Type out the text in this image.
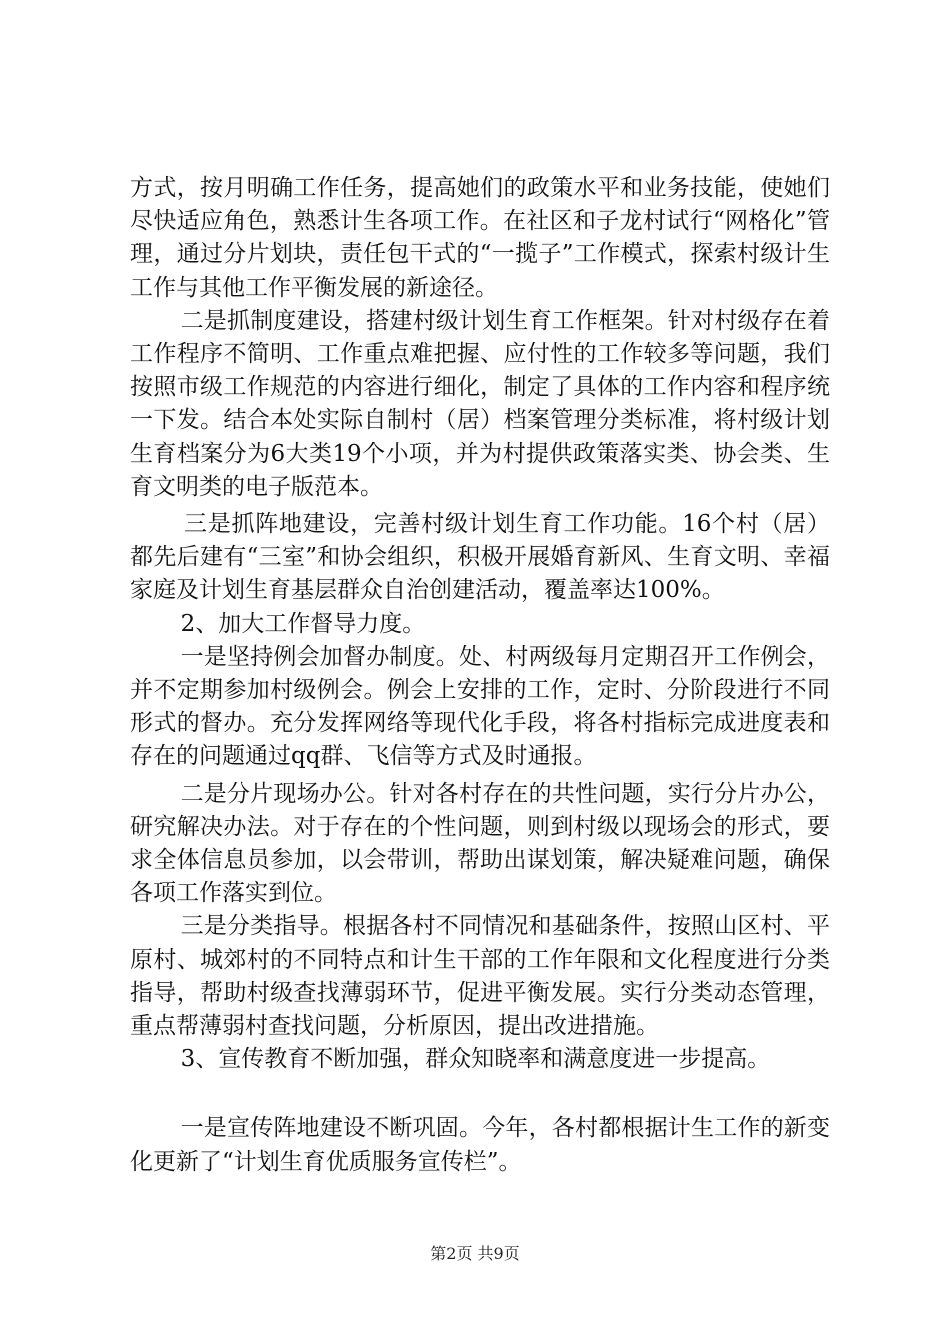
方式，按月明确工作任务，提高她们的政策水平和业务技能，使她们尽快适应角色，熟悉计生各项工作。在社区和子龙村试行“网格化”管理，通过分片划块，责任包干式的“一揽子”工作模式，探索村级计生工作与其他工作平衡发展的新途径。

二是抓制度建设，搭建村级计划生育工作框架。针对村级存在着工作程序不简明、工作重点难把握、应付性的工作较多等问题，我们按照市级工作规范的内容进行细化，制定了具体的工作内容和程序统一下发。结合本处实际自制村（居）档案管理分类标准，将村级计划生育档案分为6大类19个小项，并为村提供政策落实类、协会类、生育文明类的电子版范本。

三是抓阵地建设，完善村级计划生育工作功能。16个村（居）都先后建有“三室”和协会组织，积极开展婚育新风、生育文明、幸福家庭及计划生育基层群众自治创建活动，覆盖率达100%。

2、加大工作督导力度。

一是坚持例会加督办制度。处、村两级每月定期召开工作例会，并不定期参加村级例会。例会上安排的工作，定时、分阶段进行不同形式的督办。充分发挥网络等现代化手段，将各村指标完成进度表和存在的问题通过qq群、飞信等方式及时通报。

二是分片现场办公。针对各村存在的共性问题，实行分片办公，研究解决办法。对于存在的个性问题，则到村级以现场会的形式，要求全体信息员参加，以会带训，帮助出谋划策，解决疑难问题，确保各项工作落实到位。

三是分类指导。根据各村不同情况和基础条件，按照山区村、平原村、城郊村的不同特点和计生干部的工作年限和文化程度进行分类指导，帮助村级查找薄弱环节，促进平衡发展。实行分类动态管理，重点帮薄弱村查找问题，分析原因，提出改进措施。

3、宣传教育不断加强，群众知晓率和满意度进一步提高。

一是宣传阵地建设不断巩固。今年，各村都根据计生工作的新变化更新了“计划生育优质服务宣传栏”。

第2页 共9页
